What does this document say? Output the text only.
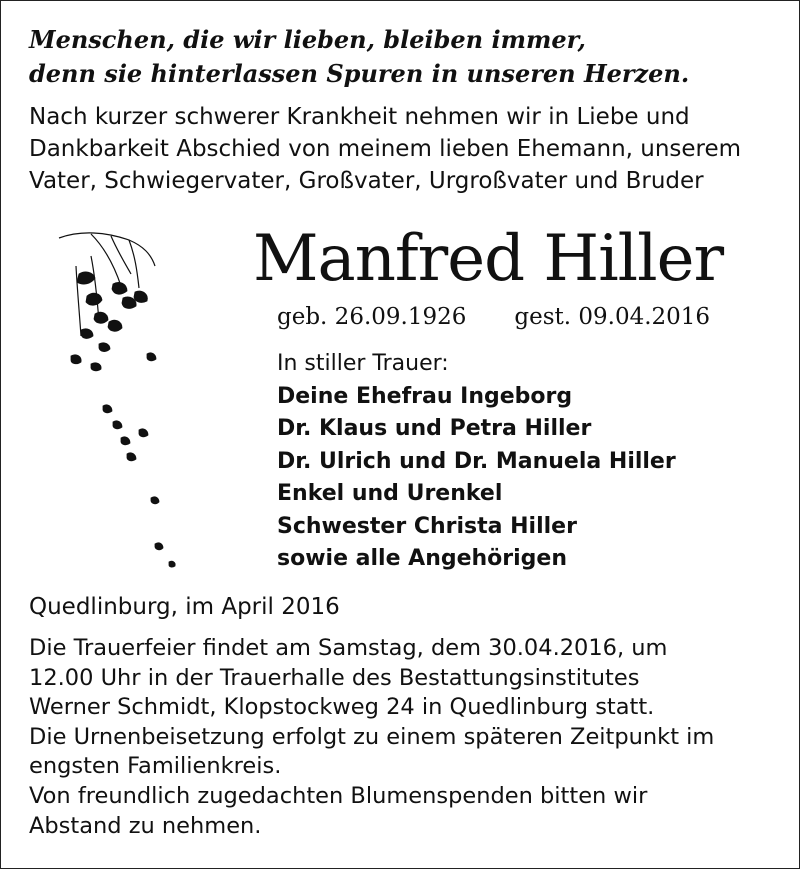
Menschen, die wir lieben, bleiben immer,
denn sie hinterlassen Spuren in unseren Herzen.
Nach kurzer schwerer Krankheit nehmen wir in Liebe und
Dankbarkeit Abschied von meinem lieben Ehemann, unserem
Vater, Schwiegervater, Großvater, Urgroßvater und Bruder
Manfred Hiller
geb. 26.09.1926 gest. 09.04.2016
In stiller Trauer:
Deine Ehefrau Ingeborg
Dr. Klaus und Petra Hiller
Dr. Ulrich und Dr. Manuela Hiller
Enkel und Urenkel
Schwester Christa Hiller
sowie alle Angehörigen
Quedlinburg, im April 2016
Die Trauerfeier findet am Samstag, dem 30.04.2016, um
12.00 Uhr in der Trauerhalle des Bestattungsinstitutes
Werner Schmidt, Klopstockweg 24 in Quedlinburg statt.
Die Urnenbeisetzung erfolgt zu einem späteren Zeitpunkt im
engsten Familienkreis.
Von freundlich zugedachten Blumenspenden bitten wir
Abstand zu nehmen.
